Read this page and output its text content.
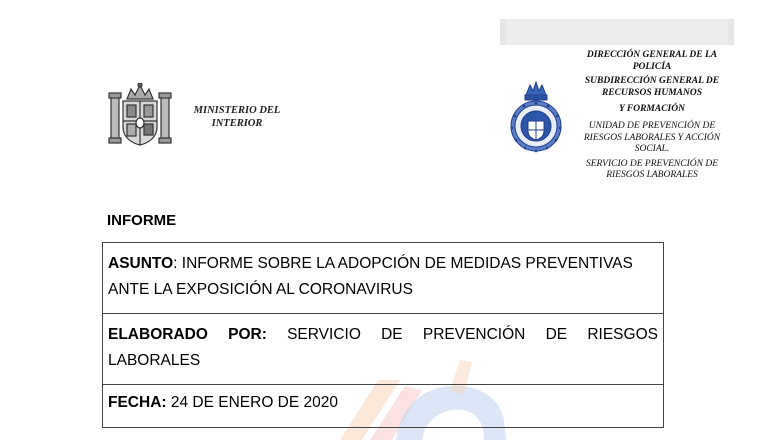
MINISTERIO DEL
INTERIOR
DIRECCIÓN GENERAL DE LA
POLICÍA
SUBDIRECCIÓN GENERAL DE
RECURSOS HUMANOS
Y FORMACIÓN
UNIDAD DE PREVENCIÓN DE
RIESGOS LABORALES Y ACCIÓN
SOCIAL.
SERVICIO DE PREVENCIÓN DE
RIESGOS LABORALES
INFORME
ASUNTO: INFORME SOBRE LA ADOPCIÓN DE MEDIDAS PREVENTIVAS
ANTE LA EXPOSICIÓN AL CORONAVIRUS

ELABORADO POR: SERVICIO DE PREVENCIÓN DE RIESGOS
LABORALES

FECHA: 24 DE ENERO DE 2020
